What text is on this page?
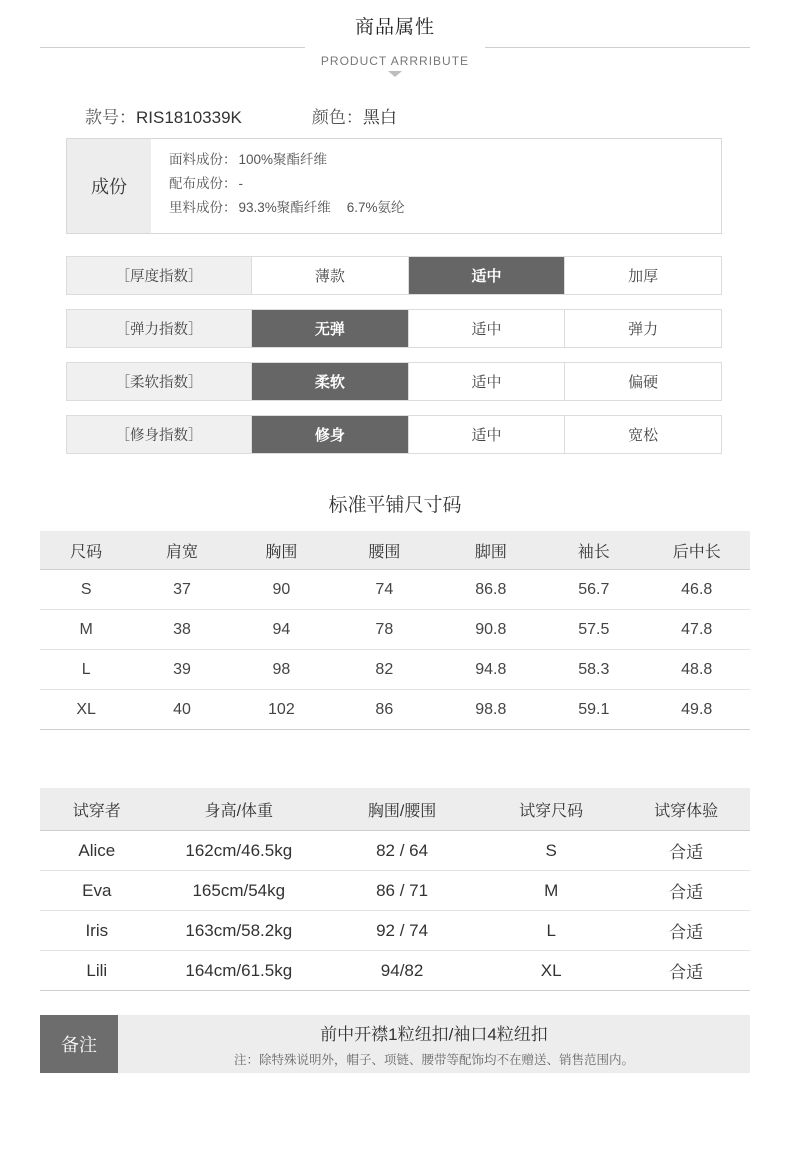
商品属性
PRODUCT ARRRIBUTE
款号： RIS1810339K	颜色： 黑白
成份
面料成份： 100%聚酯纤维
配布成份： -
里料成份： 93.3%聚酯纤维 6.7%氨纶
［厚度指数］	薄款	适中	加厚
［弹力指数］	无弹	适中	弹力
［柔软指数］	柔软	适中	偏硬
［修身指数］	修身	适中	宽松
标准平铺尺寸码
尺码	肩宽	胸围	腰围	脚围	袖长	后中长
S	37	90	74	86.8	56.7	46.8
M	38	94	78	90.8	57.5	47.8
L	39	98	82	94.8	58.3	48.8
XL	40	102	86	98.8	59.1	49.8
试穿者	身高/体重	胸围/腰围	试穿尺码	试穿体验
Alice	162cm/46.5kg	82 / 64	S	合适
Eva	165cm/54kg	86 / 71	M	合适
Iris	163cm/58.2kg	92 / 74	L	合适
Lili	164cm/61.5kg	94/82	XL	合适
备注
前中开襟1粒纽扣/袖口4粒纽扣
注：除特殊说明外，帽子、项链、腰带等配饰均不在赠送、销售范围内。
